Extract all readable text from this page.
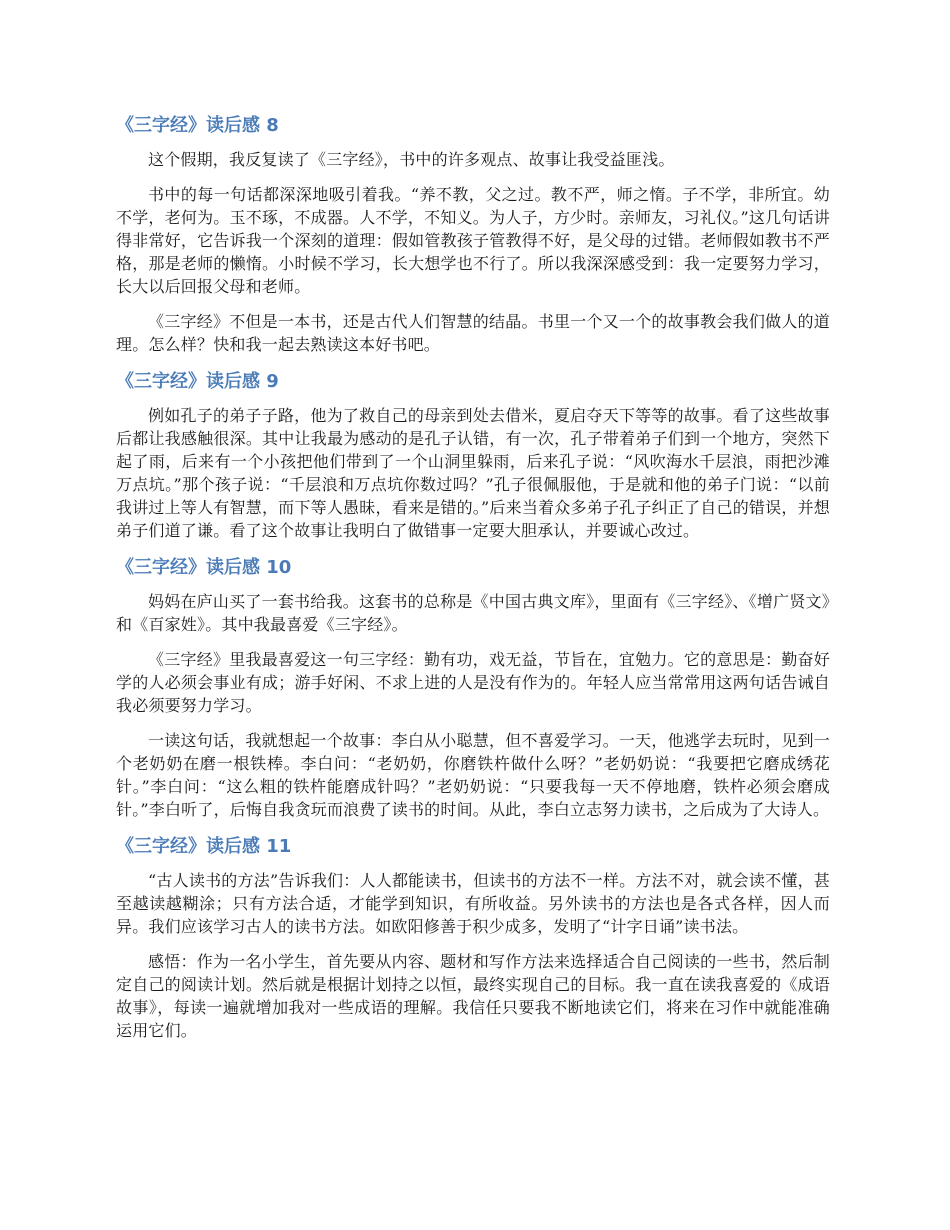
《三字经》读后感 8

这个假期，我反复读了《三字经》，书中的许多观点、故事让我受益匪浅。

书中的每一句话都深深地吸引着我。“养不教，父之过。教不严，师之惰。子不学，非所宜。幼不学，老何为。玉不琢，不成器。人不学，不知义。为人子，方少时。亲师友，习礼仪。”这几句话讲得非常好，它告诉我一个深刻的道理：假如管教孩子管教得不好，是父母的过错。老师假如教书不严格，那是老师的懒惰。小时候不学习，长大想学也不行了。所以我深深感受到：我一定要努力学习，长大以后回报父母和老师。

《三字经》不但是一本书，还是古代人们智慧的结晶。书里一个又一个的故事教会我们做人的道理。怎么样？快和我一起去熟读这本好书吧。

《三字经》读后感 9

例如孔子的弟子子路，他为了救自己的母亲到处去借米，夏启夺天下等等的故事。看了这些故事后都让我感触很深。其中让我最为感动的是孔子认错，有一次，孔子带着弟子们到一个地方，突然下起了雨，后来有一个小孩把他们带到了一个山洞里躲雨，后来孔子说：“风吹海水千层浪，雨把沙滩万点坑。”那个孩子说：“千层浪和万点坑你数过吗？”孔子很佩服他，于是就和他的弟子门说：“以前我讲过上等人有智慧，而下等人愚昧，看来是错的。”后来当着众多弟子孔子纠正了自己的错误，并想弟子们道了谦。看了这个故事让我明白了做错事一定要大胆承认，并要诚心改过。

《三字经》读后感 10

妈妈在庐山买了一套书给我。这套书的总称是《中国古典文库》，里面有《三字经》、《增广贤文》和《百家姓》。其中我最喜爱《三字经》。

《三字经》里我最喜爱这一句三字经：勤有功，戏无益，节旨在，宜勉力。它的意思是：勤奋好学的人必须会事业有成；游手好闲、不求上进的人是没有作为的。年轻人应当常常用这两句话告诫自我必须要努力学习。

一读这句话，我就想起一个故事：李白从小聪慧，但不喜爱学习。一天，他逃学去玩时，见到一个老奶奶在磨一根铁棒。李白问：“老奶奶，你磨铁杵做什么呀？”老奶奶说：“我要把它磨成绣花针。”李白问：“这么粗的铁杵能磨成针吗？”老奶奶说：“只要我每一天不停地磨，铁杵必须会磨成针。”李白听了，后悔自我贪玩而浪费了读书的时间。从此，李白立志努力读书，之后成为了大诗人。

《三字经》读后感 11

“古人读书的方法”告诉我们：人人都能读书，但读书的方法不一样。方法不对，就会读不懂，甚至越读越糊涂；只有方法合适，才能学到知识，有所收益。另外读书的方法也是各式各样，因人而异。我们应该学习古人的读书方法。如欧阳修善于积少成多，发明了“计字日诵”读书法。

感悟：作为一名小学生，首先要从内容、题材和写作方法来选择适合自己阅读的一些书，然后制定自己的阅读计划。然后就是根据计划持之以恒，最终实现自己的目标。我一直在读我喜爱的《成语故事》，每读一遍就增加我对一些成语的理解。我信任只要我不断地读它们，将来在习作中就能准确运用它们。
